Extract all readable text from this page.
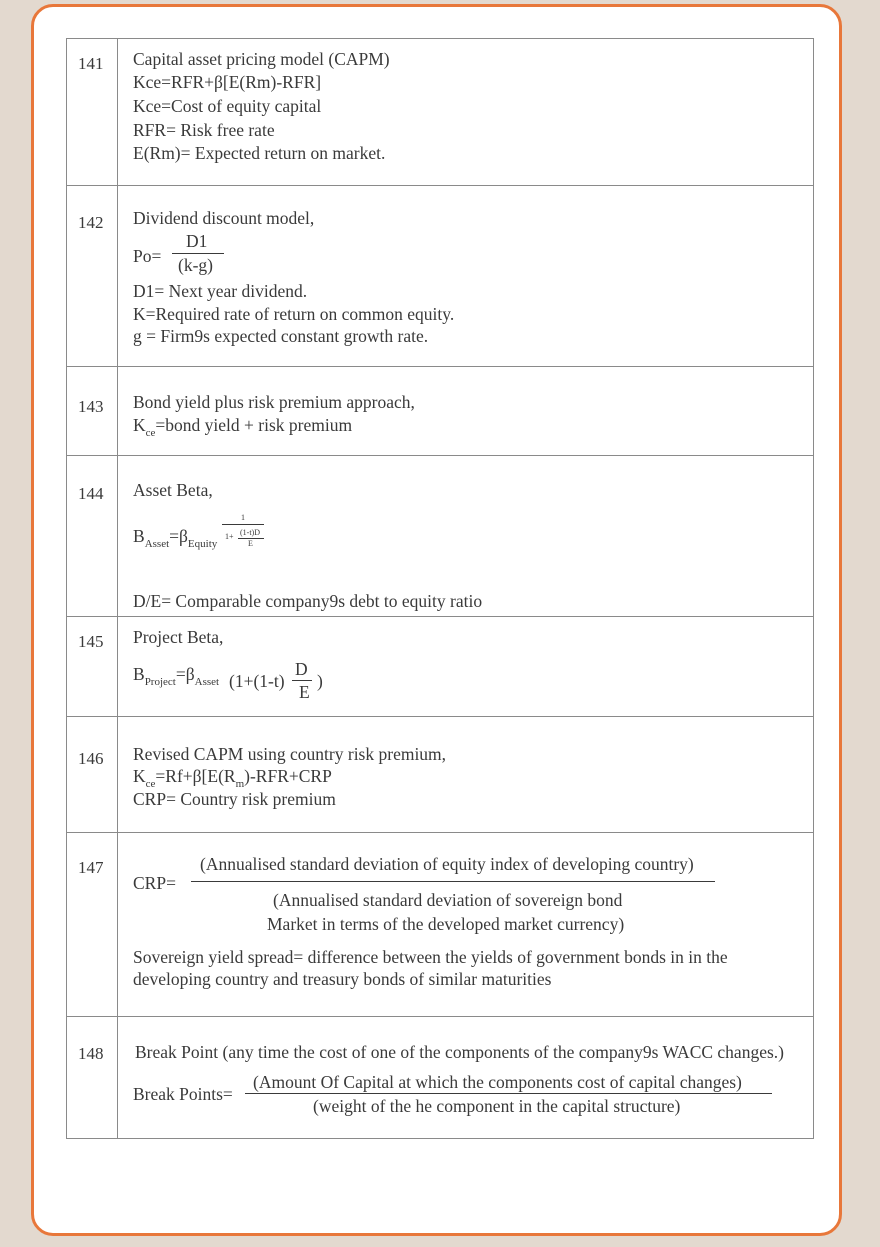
141 Capital asset pricing model (CAPM)
Kce=RFR+β[E(Rm)-RFR]
Kce=Cost of equity capital
RFR= Risk free rate
E(Rm)= Expected return on market.
142 Dividend discount model,
Po=
D1
(k-g)
D1= Next year dividend.
K=Required rate of return on common equity.
g = Firm9s expected constant growth rate.
143 Bond yield plus risk premium approach,
$K_{ce}=bond$ yield + risk premium
144 Asset Beta,
$B_{Asset}=\beta_{Equity}$
1
1+ (1-t)D
E
D/E= Comparable company9s debt to equity ratio
145 Project Beta,
$B_{Project}=\beta_{Asset}$ (1+(1-t)
D
E
)
146 Revised CAPM using country risk premium,
$K_{ce}=Rf+\beta[E(R_m)-RFR+CRP$
CRP= Country risk premium
147
CRP=
(Annualised standard deviation of equity index of developing country)
(Annualised standard deviation of sovereign bond
Market in terms of the developed market currency)
Sovereign yield spread= difference between the yields of government bonds in in the
developing country and treasury bonds of similar maturities
148 Break Point (any time the cost of one of the components of the company9s WACC changes.)
Break Points=
(Amount Of Capital at which the components cost of capital changes)
(weight of the he component in the capital structure)
